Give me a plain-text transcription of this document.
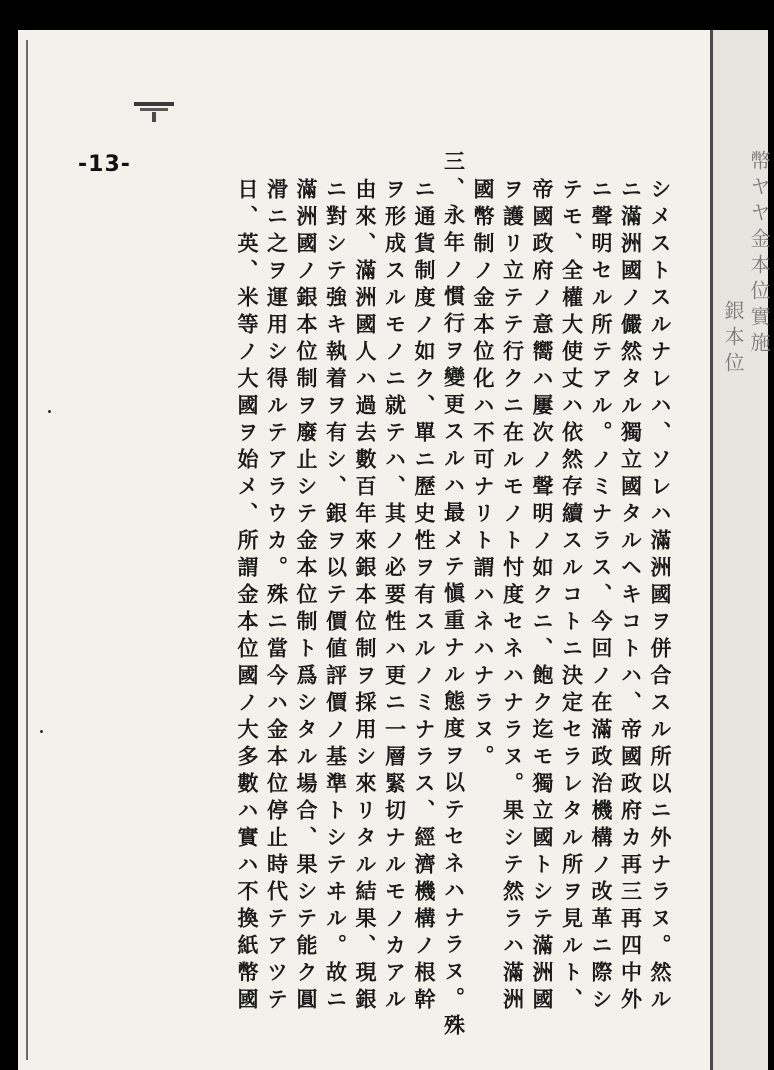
-13-
シメストスルナレハ、ソレハ滿洲國ヲ併合スル所以ニ外ナラヌ。然ル
ニ滿洲國ノ儼然タル獨立國タルヘキコトハ、帝國政府カ再三再四中外
ニ聲明セル所テアル。ノミナラス、今回ノ在滿政治機構ノ改革ニ際シ
テモ、全權大使丈ハ依然存續スルコトニ決定セラレタル所ヲ見ルト、
帝國政府ノ意嚮ハ屢次ノ聲明ノ如クニ、飽ク迄モ獨立國トシテ滿洲國
ヲ護リ立テテ行クニ在ルモノト忖度セネハナラヌ。果シテ然ラハ滿洲
國幣制ノ金本位化ハ不可ナリト謂ハネハナラヌ。
三、永年ノ慣行ヲ變更スルハ最メテ愼重ナル態度ヲ以テセネハナラヌ。殊
ニ通貨制度ノ如ク、單ニ歷史性ヲ有スルノミナラス、經濟機構ノ根幹
ヲ形成スルモノニ就テハ、其ノ必要性ハ更ニ一層緊切ナルモノカアル
由來、滿洲國人ハ過去數百年來銀本位制ヲ採用シ來リタル結果、現銀
ニ對シテ強キ執着ヲ有シ、銀ヲ以テ價値評價ノ基準トシテヰル。故ニ
滿洲國ノ銀本位制ヲ廢止シテ金本位制ト爲シタル場合、果シテ能ク圓
滑ニ之ヲ運用シ得ルテアラウカ。殊ニ當今ハ金本位停止時代テアツテ
日、英、米等ノ大國ヲ始メ、所謂金本位國ノ大多數ハ實ハ不換紙幣國	幣ヤヤ金本位實施
銀本位
